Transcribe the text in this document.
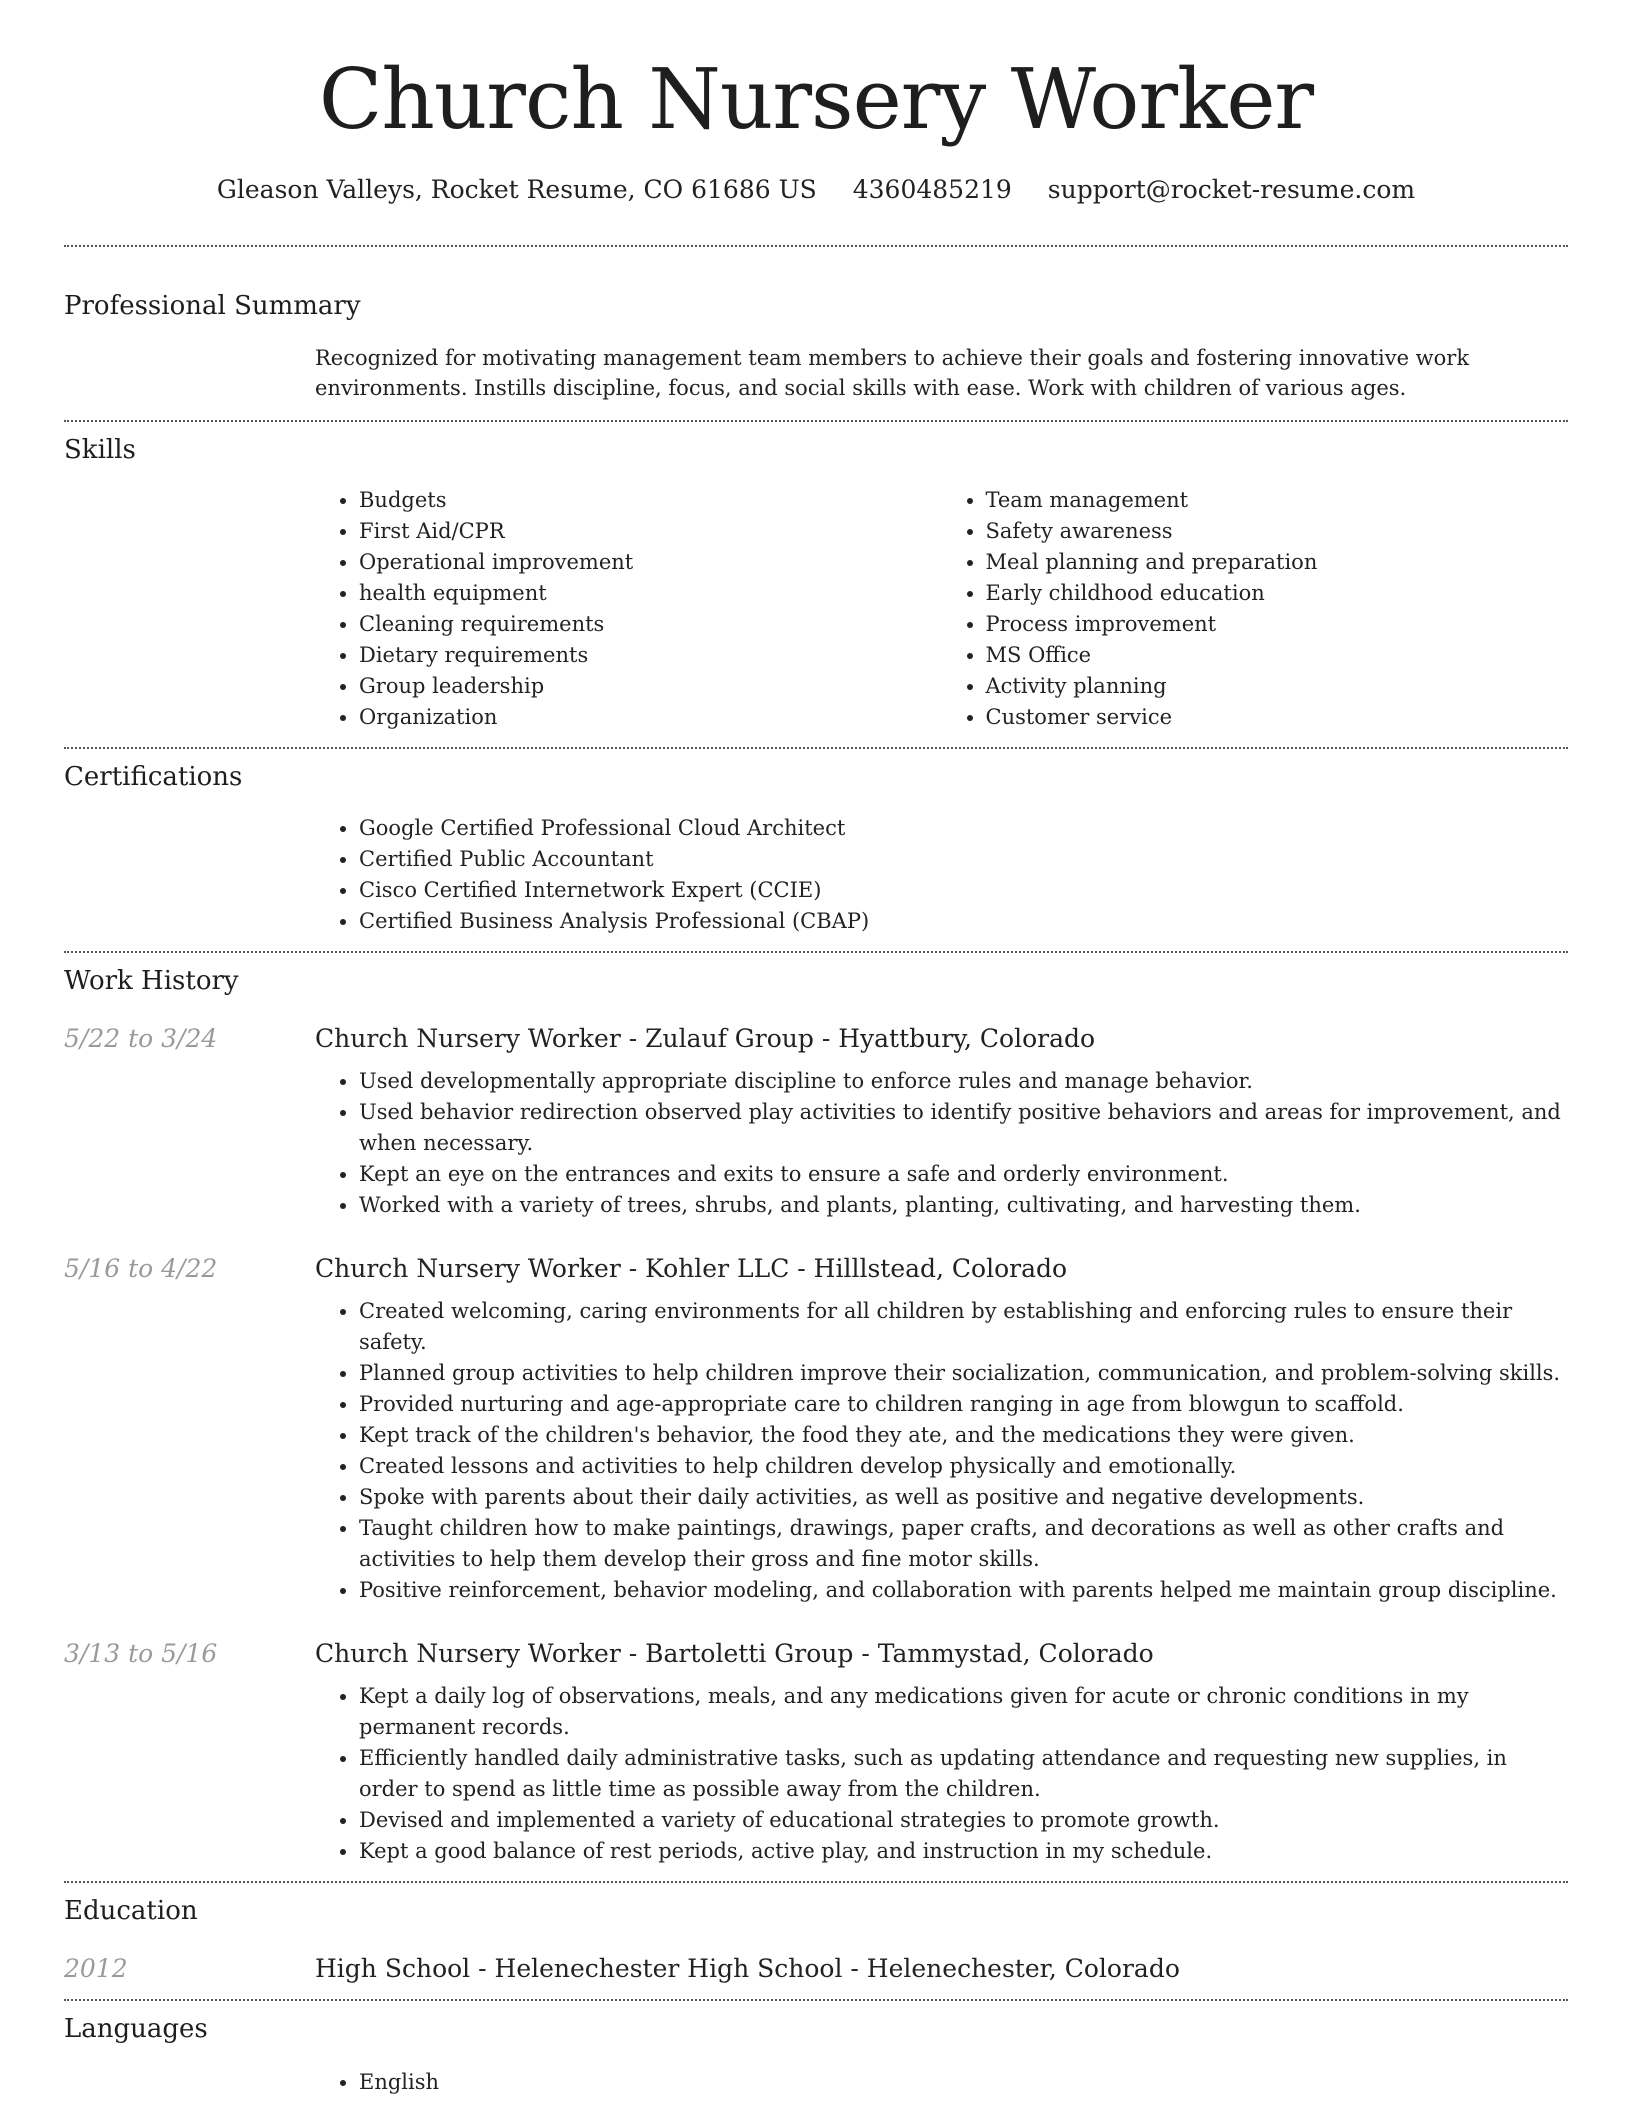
Church Nursery Worker
Gleason Valleys, Rocket Resume, CO 61686 US 4360485219 support@rocket-resume.com
Professional Summary

Recognized for motivating management team members to achieve their goals and fostering innovative work environments. Instills discipline, focus, and social skills with ease. Work with children of various ages.

Skills
• Budgets
• First Aid/CPR
• Operational improvement
• health equipment
• Cleaning requirements
• Dietary requirements
• Group leadership
• Organization
• Team management
• Safety awareness
• Meal planning and preparation
• Early childhood education
• Process improvement
• MS Office
• Activity planning
• Customer service
Certifications
• Google Certified Professional Cloud Architect
• Certified Public Accountant
• Cisco Certified Internetwork Expert (CCIE)
• Certified Business Analysis Professional (CBAP)
Work History
5/22 to 3/24	Church Nursery Worker - Zulauf Group - Hyattbury, Colorado
• Used developmentally appropriate discipline to enforce rules and manage behavior.
• Used behavior redirection observed play activities to identify positive behaviors and areas for improvement, and when necessary.
• Kept an eye on the entrances and exits to ensure a safe and orderly environment.
• Worked with a variety of trees, shrubs, and plants, planting, cultivating, and harvesting them.
5/16 to 4/22	Church Nursery Worker - Kohler LLC - Hilllstead, Colorado
• Created welcoming, caring environments for all children by establishing and enforcing rules to ensure their safety.
• Planned group activities to help children improve their socialization, communication, and problem-solving skills.
• Provided nurturing and age-appropriate care to children ranging in age from blowgun to scaffold.
• Kept track of the children's behavior, the food they ate, and the medications they were given.
• Created lessons and activities to help children develop physically and emotionally.
• Spoke with parents about their daily activities, as well as positive and negative developments.
• Taught children how to make paintings, drawings, paper crafts, and decorations as well as other crafts and activities to help them develop their gross and fine motor skills.
• Positive reinforcement, behavior modeling, and collaboration with parents helped me maintain group discipline.
3/13 to 5/16	Church Nursery Worker - Bartoletti Group - Tammystad, Colorado
• Kept a daily log of observations, meals, and any medications given for acute or chronic conditions in my permanent records.
• Efficiently handled daily administrative tasks, such as updating attendance and requesting new supplies, in order to spend as little time as possible away from the children.
• Devised and implemented a variety of educational strategies to promote growth.
• Kept a good balance of rest periods, active play, and instruction in my schedule.
Education
2012	High School - Helenechester High School - Helenechester, Colorado
Languages
• English
